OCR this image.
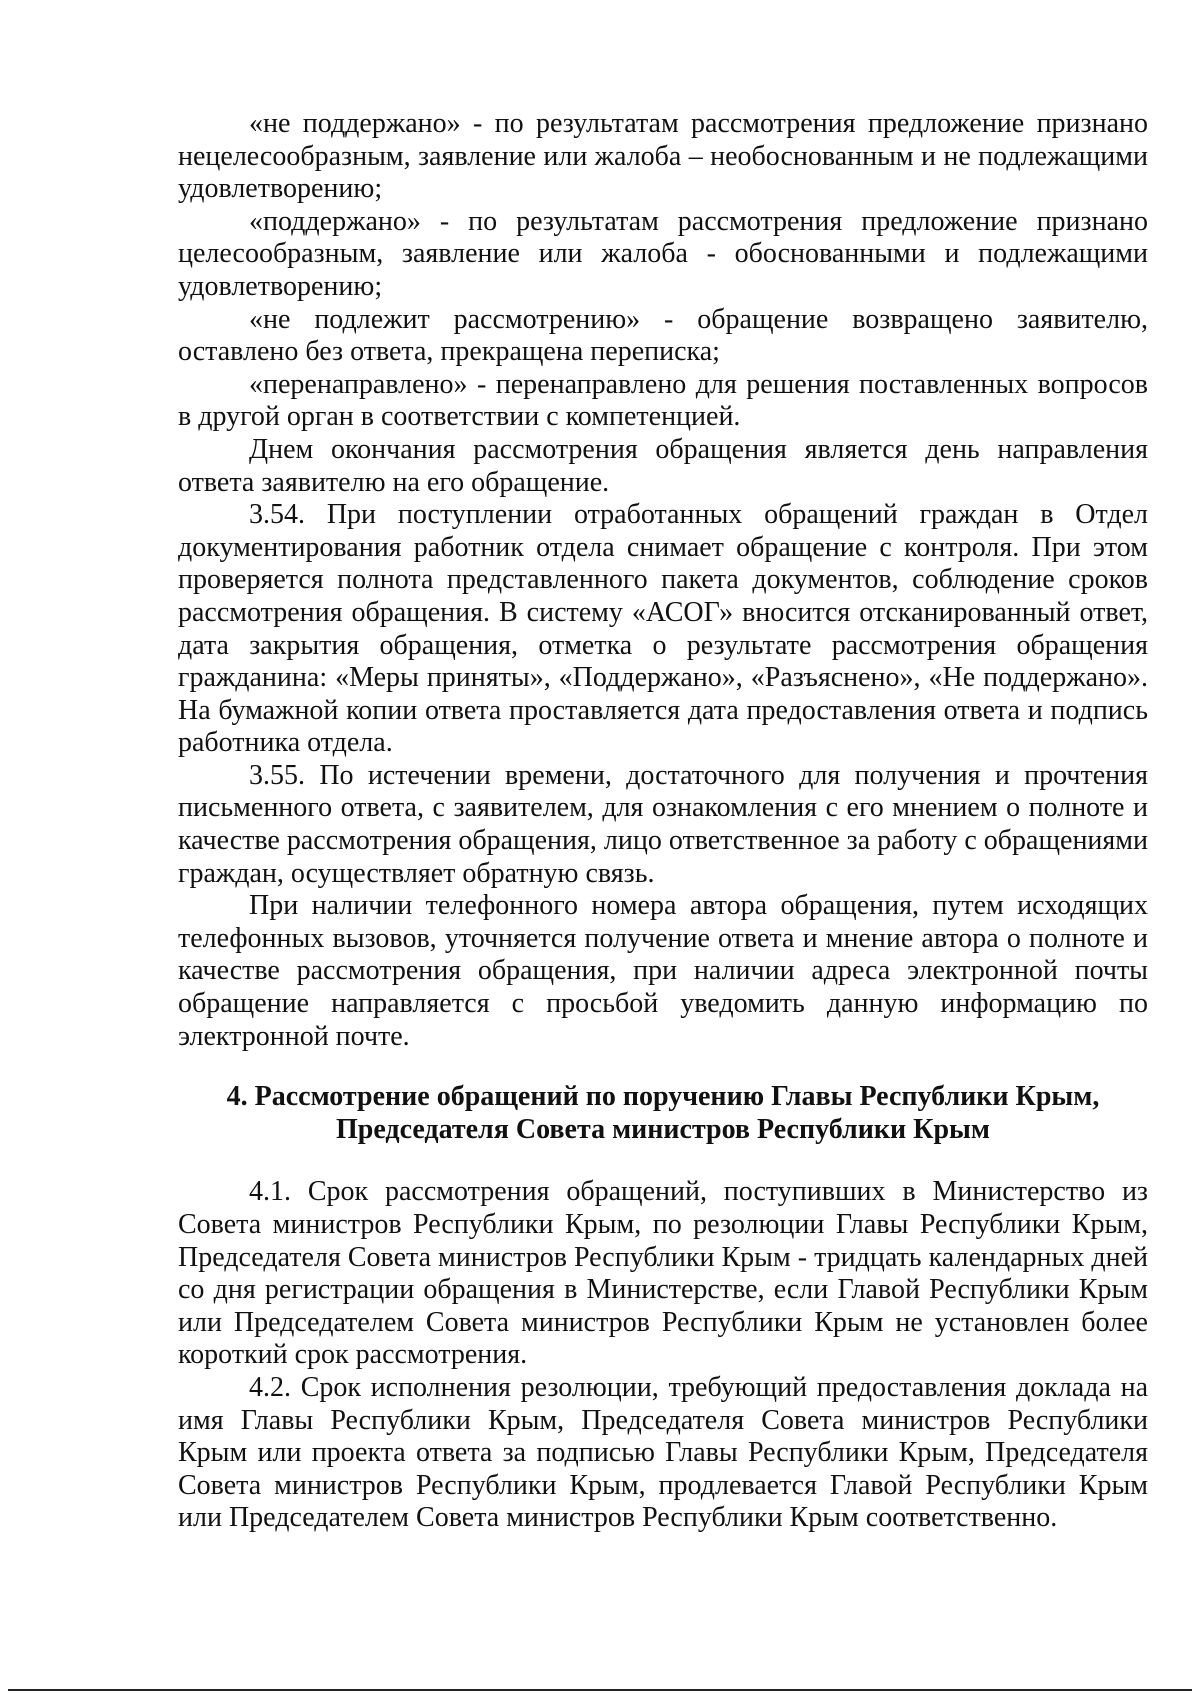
«не поддержано» - по результатам рассмотрения предложение признано нецелесообразным, заявление или жалоба – необоснованным и не подлежащими удовлетворению;

«поддержано» - по результатам рассмотрения предложение признано целесообразным, заявление или жалоба - обоснованными и подлежащими удовлетворению;

«не подлежит рассмотрению» - обращение возвращено заявителю, оставлено без ответа, прекращена переписка;

«перенаправлено» - перенаправлено для решения поставленных вопросов в другой орган в соответствии с компетенцией.

Днем окончания рассмотрения обращения является день направления ответа заявителю на его обращение.

3.54. При поступлении отработанных обращений граждан в Отдел документирования работник отдела снимает обращение с контроля. При этом проверяется полнота представленного пакета документов, соблюдение сроков рассмотрения обращения. В систему «АСОГ» вносится отсканированный ответ, дата закрытия обращения, отметка о результате рассмотрения обращения гражданина: «Меры приняты», «Поддержано», «Разъяснено», «Не поддержано». На бумажной копии ответа проставляется дата предоставления ответа и подпись работника отдела.

3.55. По истечении времени, достаточного для получения и прочтения письменного ответа, с заявителем, для ознакомления с его мнением о полноте и качестве рассмотрения обращения, лицо ответственное за работу с обращениями граждан, осуществляет обратную связь.

При наличии телефонного номера автора обращения, путем исходящих телефонных вызовов, уточняется получение ответа и мнение автора о полноте и качестве рассмотрения обращения, при наличии адреса электронной почты обращение направляется с просьбой уведомить данную информацию по электронной почте.

4. Рассмотрение обращений по поручению Главы Республики Крым,
Председателя Совета министров Республики Крым

4.1. Срок рассмотрения обращений, поступивших в Министерство из Совета министров Республики Крым, по резолюции Главы Республики Крым, Председателя Совета министров Республики Крым - тридцать календарных дней со дня регистрации обращения в Министерстве, если Главой Республики Крым или Председателем Совета министров Республики Крым не установлен более короткий срок рассмотрения.

4.2. Срок исполнения резолюции, требующий предоставления доклада на имя Главы Республики Крым, Председателя Совета министров Республики Крым или проекта ответа за подписью Главы Республики Крым, Председателя Совета министров Республики Крым, продлевается Главой Республики Крым или Председателем Совета министров Республики Крым соответственно.
